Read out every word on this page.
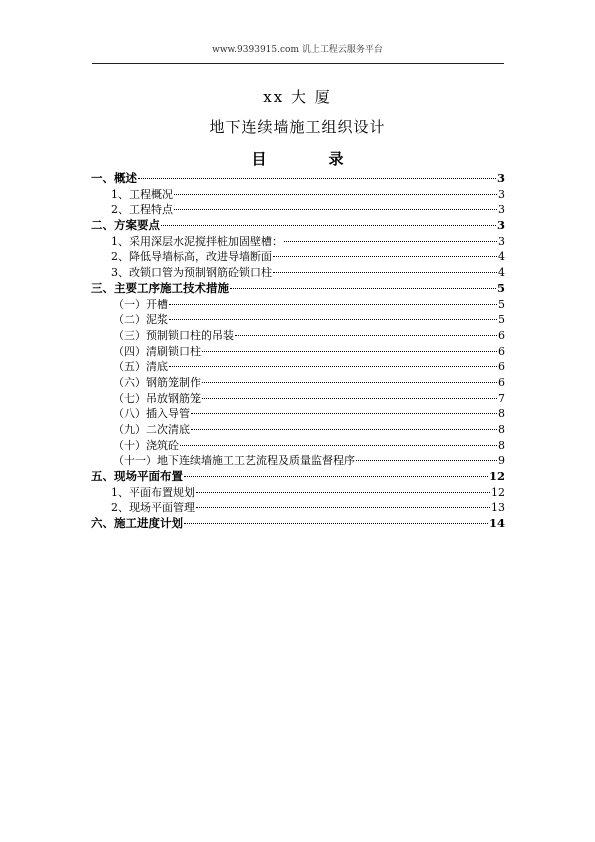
www.9393915.com 讥上工程云服务平台
xx 大 厦
地下连续墙施工组织设计
目	录
一、概述	3
1、工程概况	3
2、工程特点	3
二、方案要点	3
1、采用深层水泥搅拌桩加固壁槽：	3
2、降低导墙标高，改进导墙断面	4
3、改锁口管为预制钢筋砼锁口柱	4
三、主要工序施工技术措施	5
（一）开槽	5
（二）泥浆	5
（三）预制锁口柱的吊装	6
（四）清刷锁口柱	6
（五）清底	6
（六）钢筋笼制作	6
（七）吊放钢筋笼	7
（八）插入导管	8
（九）二次清底	8
（十）浇筑砼	8
（十一）地下连续墙施工工艺流程及质量监督程序	9
五、现场平面布置	12
1、平面布置规划	12
2、现场平面管理	13
六、施工进度计划	14
